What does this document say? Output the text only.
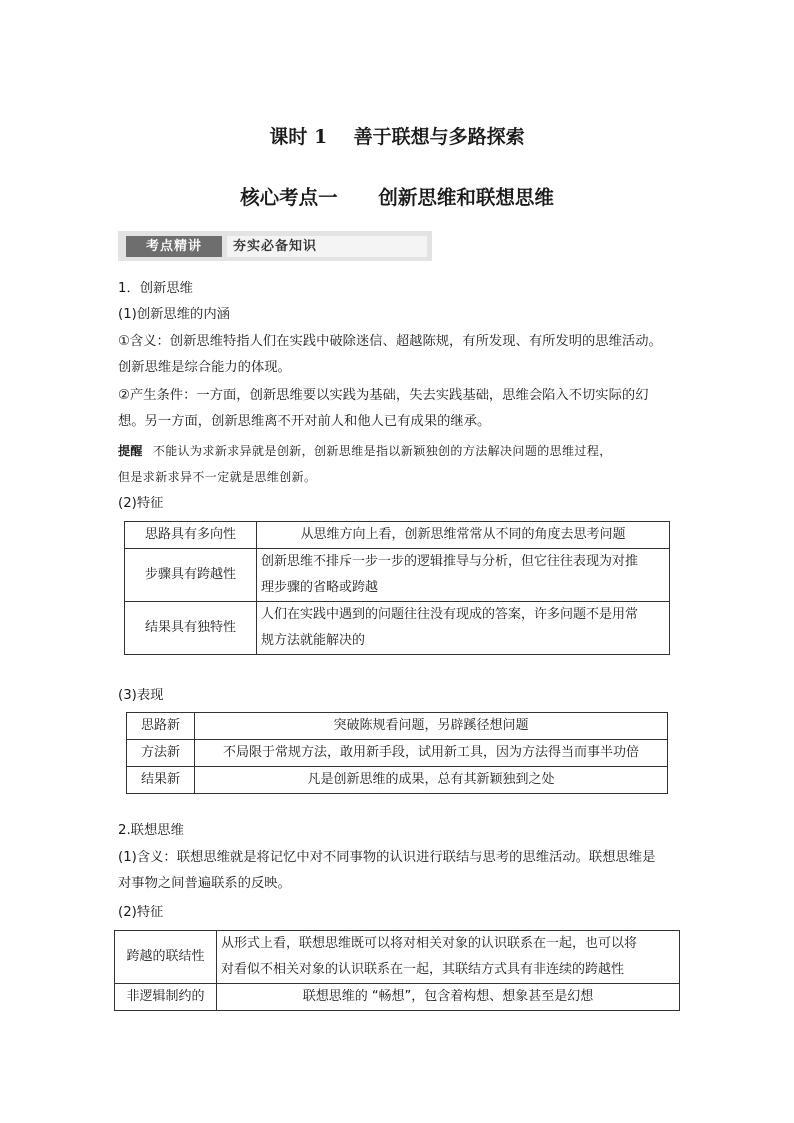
课时 1    善于联想与多路探索
核心考点一      创新思维和联想思维
考点精讲	夯实必备知识
1．创新思维
(1)创新思维的内涵
①含义：创新思维特指人们在实践中破除迷信、超越陈规，有所发现、有所发明的思维活动。
创新思维是综合能力的体现。
②产生条件：一方面，创新思维要以实践为基础，失去实践基础，思维会陷入不切实际的幻
想。另一方面，创新思维离不开对前人和他人已有成果的继承。
提醒 不能认为求新求异就是创新，创新思维是指以新颖独创的方法解决问题的思维过程，
但是求新求异不一定就是思维创新。
(2)特征
思路具有多向性	从思维方向上看，创新思维常常从不同的角度去思考问题
步骤具有跨越性	创新思维不排斥一步一步的逻辑推导与分析，但它往往表现为对推
理步骤的省略或跨越
结果具有独特性	人们在实践中遇到的问题往往没有现成的答案，许多问题不是用常
规方法就能解决的
(3)表现
思路新	突破陈规看问题，另辟蹊径想问题
方法新	不局限于常规方法，敢用新手段，试用新工具，因为方法得当而事半功倍
结果新	凡是创新思维的成果，总有其新颖独到之处
2.联想思维
(1)含义：联想思维就是将记忆中对不同事物的认识进行联结与思考的思维活动。联想思维是
对事物之间普遍联系的反映。
(2)特征
跨越的联结性	从形式上看，联想思维既可以将对相关对象的认识联系在一起，也可以将
对看似不相关对象的认识联系在一起，其联结方式具有非连续的跨越性
非逻辑制约的	联想思维的 “畅想”，包含着构想、想象甚至是幻想
